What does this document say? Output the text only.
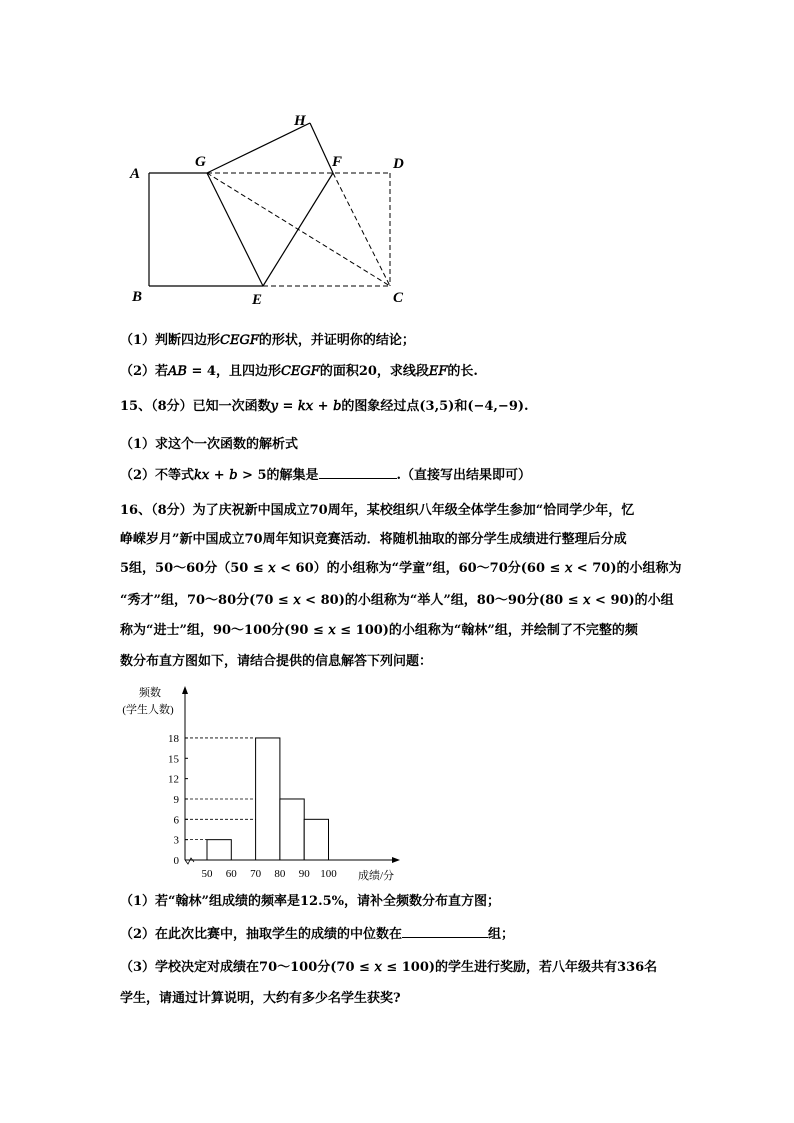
A
B	C
D
E
F
G
H
（1）判断四边形𝐶𝐸𝐺𝐹的形状，并证明你的结论；
（2）若𝐴𝐵 = 4，且四边形𝐶𝐸𝐺𝐹的面积20，求线段𝐸𝐹的长.
15、（8分）已知一次函数𝑦 = 𝑘𝑥 + 𝑏的图象经过点(3,5)和(−4,−9).
（1）求这个一次函数的解析式
（2）不等式𝑘𝑥 + 𝑏 > 5的解集是	.（直接写出结果即可）
16、（8分）为了庆祝新中国成立70周年，某校组织八年级全体学生参加“恰同学少年，忆
峥嵘岁月”新中国成立70周年知识竞赛活动．将随机抽取的部分学生成绩进行整理后分成
5组，50～60分（50 ≤ 𝑥 < 60）的小组称为“学童”组，60～70分(60 ≤ 𝑥 < 70)的小组称为
“秀才”组，70～80分(70 ≤ 𝑥 < 80)的小组称为“举人”组，80～90分(80 ≤ 𝑥 < 90)的小组
称为“进士”组，90～100分(90 ≤ 𝑥 ≤ 100)的小组称为“翰林”组，并绘制了不完整的频
数分布直方图如下，请结合提供的信息解答下列问题：
频数
(学生人数)
0
3
6
9
12
15
18
50 60 70 80 90 100 成绩/分
（1）若“翰林”组成绩的频率是12.5%，请补全频数分布直方图；
（2）在此次比赛中，抽取学生的成绩的中位数在	组；
（3）学校决定对成绩在70～100分(70 ≤ 𝑥 ≤ 100)的学生进行奖励，若八年级共有336名
学生，请通过计算说明，大约有多少名学生获奖?
